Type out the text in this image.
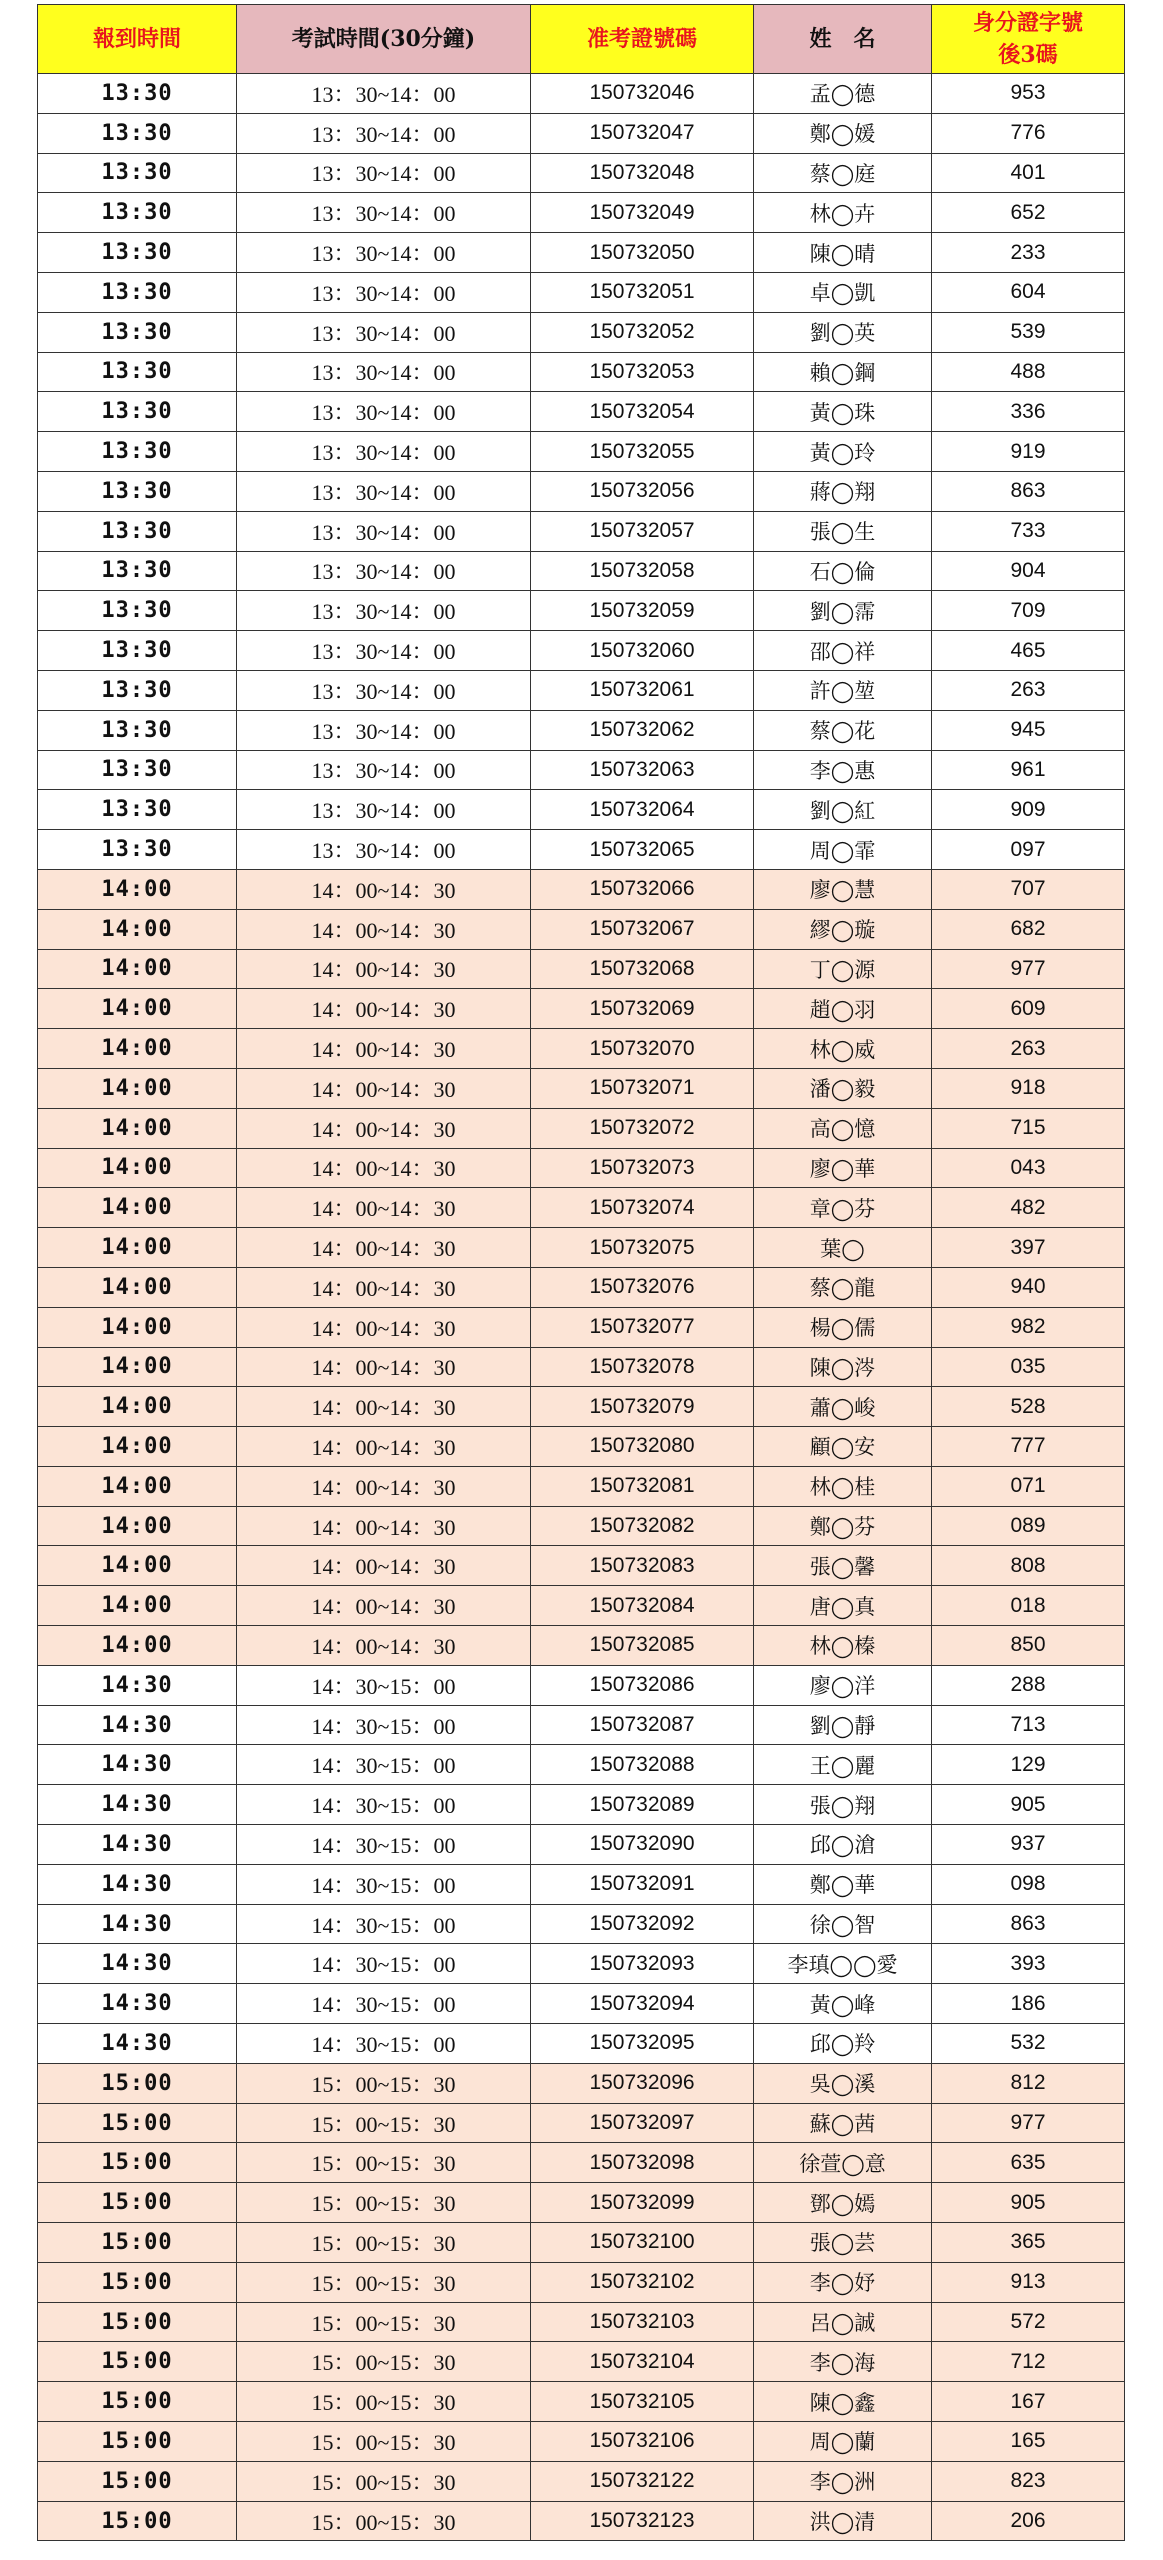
報到時間	考試時間(30分鐘)	准考證號碼	姓　名	身分證字號
後3碼
13:30	13：30~14：00	150732046	孟◯德	953
13:30	13：30~14：00	150732047	鄭◯媛	776
13:30	13：30~14：00	150732048	蔡◯庭	401
13:30	13：30~14：00	150732049	林◯卉	652
13:30	13：30~14：00	150732050	陳◯晴	233
13:30	13：30~14：00	150732051	卓◯凱	604
13:30	13：30~14：00	150732052	劉◯英	539
13:30	13：30~14：00	150732053	賴◯鋼	488
13:30	13：30~14：00	150732054	黃◯珠	336
13:30	13：30~14：00	150732055	黃◯玲	919
13:30	13：30~14：00	150732056	蔣◯翔	863
13:30	13：30~14：00	150732057	張◯生	733
13:30	13：30~14：00	150732058	石◯倫	904
13:30	13：30~14：00	150732059	劉◯霈	709
13:30	13：30~14：00	150732060	邵◯祥	465
13:30	13：30~14：00	150732061	許◯堃	263
13:30	13：30~14：00	150732062	蔡◯花	945
13:30	13：30~14：00	150732063	李◯惠	961
13:30	13：30~14：00	150732064	劉◯紅	909
13:30	13：30~14：00	150732065	周◯霏	097
14:00	14：00~14：30	150732066	廖◯慧	707
14:00	14：00~14：30	150732067	繆◯璇	682
14:00	14：00~14：30	150732068	丁◯源	977
14:00	14：00~14：30	150732069	趙◯羽	609
14:00	14：00~14：30	150732070	林◯威	263
14:00	14：00~14：30	150732071	潘◯毅	918
14:00	14：00~14：30	150732072	高◯憶	715
14:00	14：00~14：30	150732073	廖◯華	043
14:00	14：00~14：30	150732074	章◯芬	482
14:00	14：00~14：30	150732075	葉◯	397
14:00	14：00~14：30	150732076	蔡◯龍	940
14:00	14：00~14：30	150732077	楊◯儒	982
14:00	14：00~14：30	150732078	陳◯涔	035
14:00	14：00~14：30	150732079	蕭◯峻	528
14:00	14：00~14：30	150732080	顧◯安	777
14:00	14：00~14：30	150732081	林◯桂	071
14:00	14：00~14：30	150732082	鄭◯芬	089
14:00	14：00~14：30	150732083	張◯馨	808
14:00	14：00~14：30	150732084	唐◯真	018
14:00	14：00~14：30	150732085	林◯榛	850
14:30	14：30~15：00	150732086	廖◯洋	288
14:30	14：30~15：00	150732087	劉◯靜	713
14:30	14：30~15：00	150732088	王◯麗	129
14:30	14：30~15：00	150732089	張◯翔	905
14:30	14：30~15：00	150732090	邱◯滄	937
14:30	14：30~15：00	150732091	鄭◯華	098
14:30	14：30~15：00	150732092	徐◯智	863
14:30	14：30~15：00	150732093	李瑱◯◯愛	393
14:30	14：30~15：00	150732094	黃◯峰	186
14:30	14：30~15：00	150732095	邱◯羚	532
15:00	15：00~15：30	150732096	吳◯溪	812
15:00	15：00~15：30	150732097	蘇◯茜	977
15:00	15：00~15：30	150732098	徐萱◯意	635
15:00	15：00~15：30	150732099	鄧◯嫣	905
15:00	15：00~15：30	150732100	張◯芸	365
15:00	15：00~15：30	150732102	李◯妤	913
15:00	15：00~15：30	150732103	呂◯誠	572
15:00	15：00~15：30	150732104	李◯海	712
15:00	15：00~15：30	150732105	陳◯鑫	167
15:00	15：00~15：30	150732106	周◯蘭	165
15:00	15：00~15：30	150732122	李◯洲	823
15:00	15：00~15：30	150732123	洪◯清	206
